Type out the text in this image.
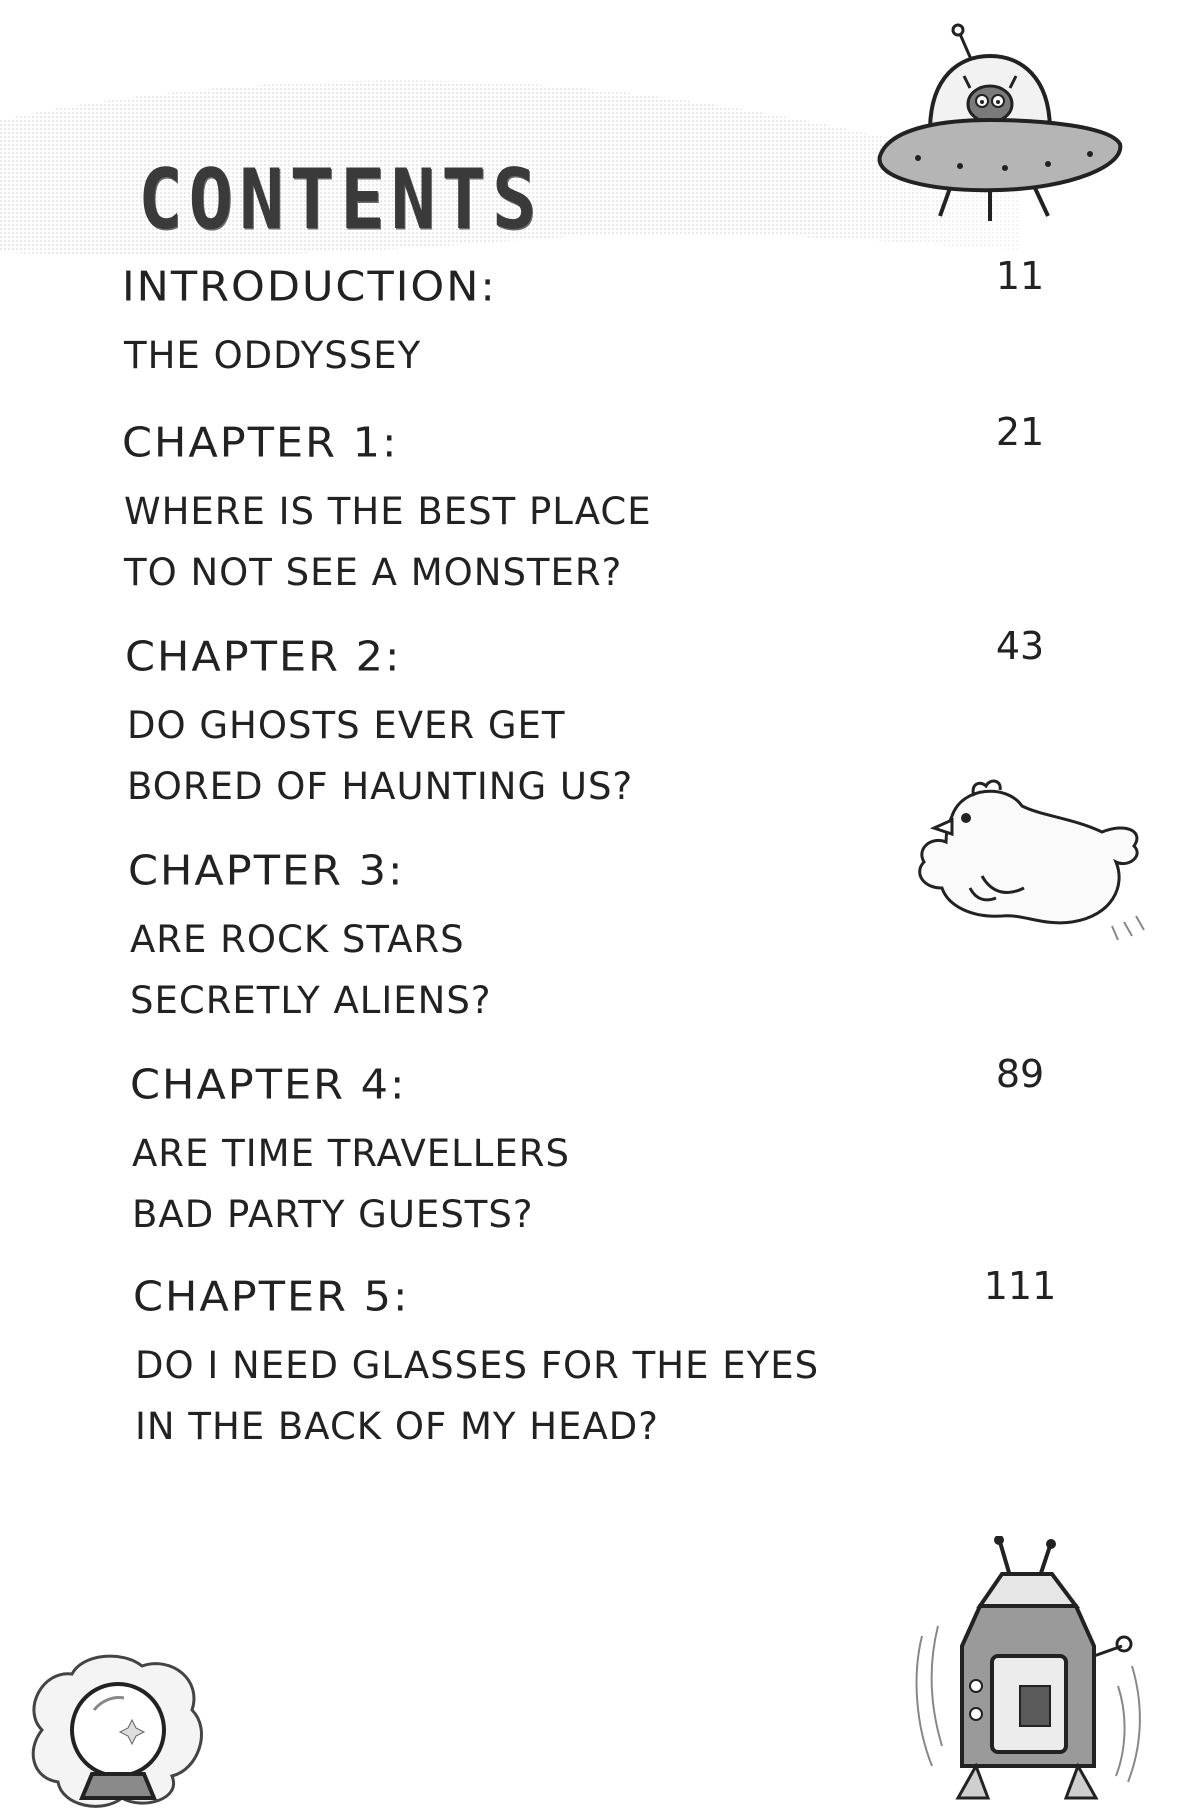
CONTENTS
INTRODUCTION:
THE ODDYSSEY
11
CHAPTER 1:
WHERE IS THE BEST PLACE
TO NOT SEE A MONSTER?
21
CHAPTER 2:
DO GHOSTS EVER GET
BORED OF HAUNTING US?
43
CHAPTER 3:
ARE ROCK STARS
SECRETLY ALIENS?
CHAPTER 4:
ARE TIME TRAVELLERS
BAD PARTY GUESTS?
89
CHAPTER 5:
DO I NEED GLASSES FOR THE EYES
IN THE BACK OF MY HEAD?
111
